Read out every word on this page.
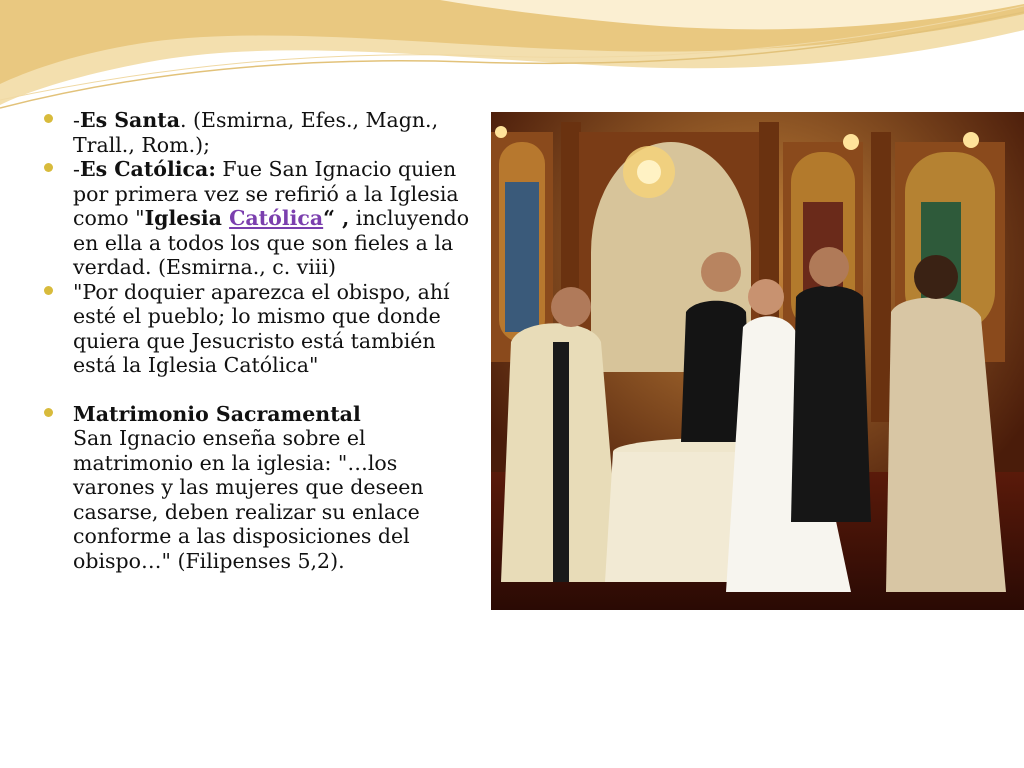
-Es Santa. (Esmirna, Efes., Magn., Trall., Rom.);
-Es Católica: Fue San Ignacio quien por primera vez se refirió a la Iglesia como "Iglesia Católica“ , incluyendo en ella a todos los que son fieles a la verdad. (Esmirna., c. viii)
"Por doquier aparezca el obispo, ahí esté el pueblo; lo mismo que donde quiera que Jesucristo está también está la Iglesia Católica"
Matrimonio Sacramental
San Ignacio enseña sobre el matrimonio en la iglesia: "…los varones y las mujeres que deseen casarse, deben realizar su enlace conforme a las disposiciones del obispo…" (Filipenses 5,2).
